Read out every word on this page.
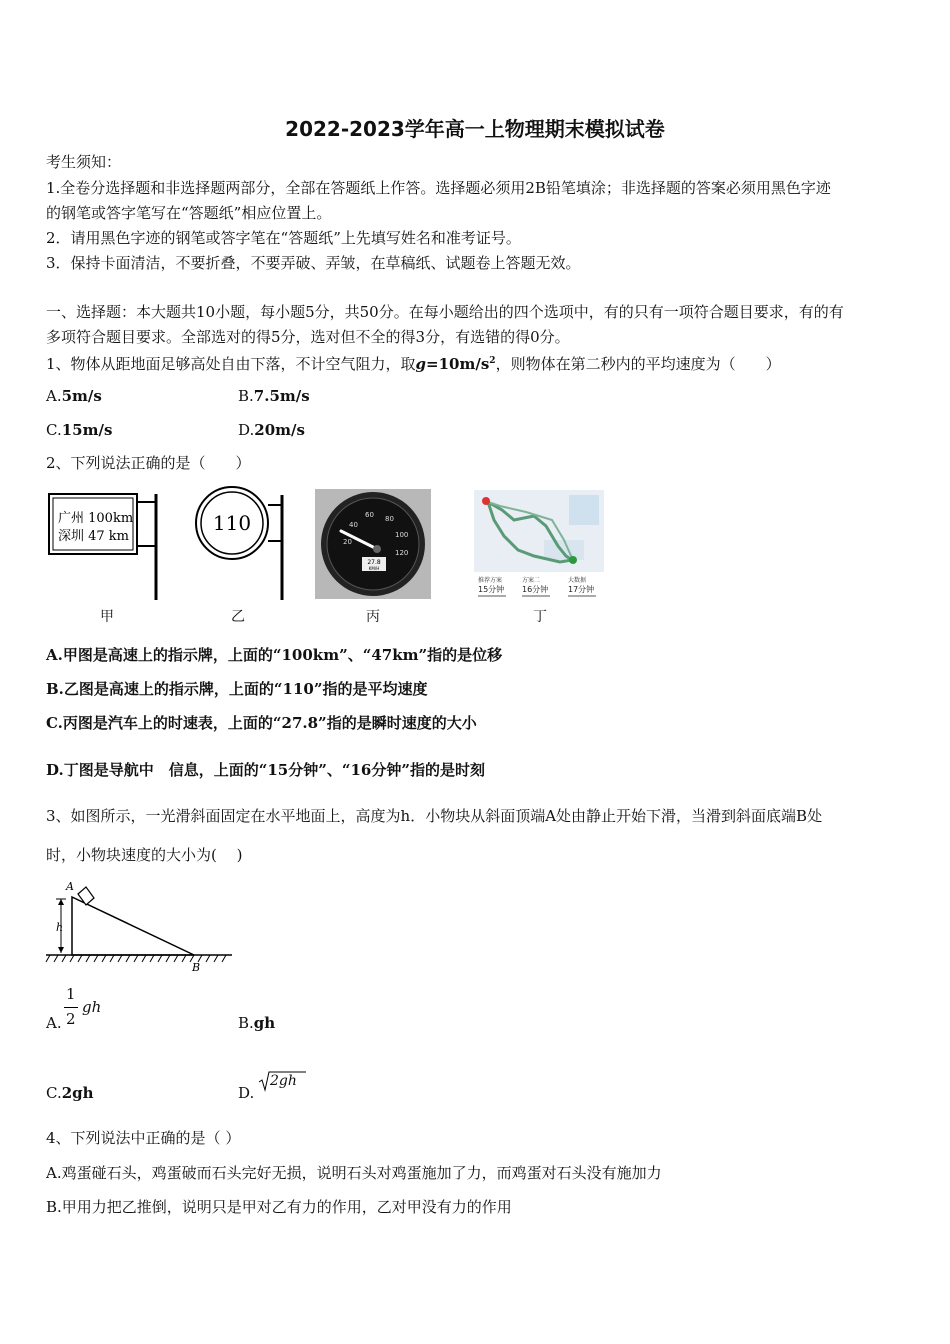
2022-2023学年高一上物理期末模拟试卷
考生须知：
1.全卷分选择题和非选择题两部分，全部在答题纸上作答。选择题必须用2B铅笔填涂；非选择题的答案必须用黑色字迹
的钢笔或答字笔写在“答题纸”相应位置上。
2．请用黑色字迹的钢笔或答字笔在“答题纸”上先填写姓名和准考证号。
3．保持卡面清洁，不要折叠，不要弄破、弄皱，在草稿纸、试题卷上答题无效。
一、选择题：本大题共10小题，每小题5分，共50分。在每小题给出的四个选项中，有的只有一项符合题目要求，有的有
多项符合题目要求。全部选对的得5分，选对但不全的得3分，有选错的得0分。
1、物体从距地面足够高处自由下落，不计空气阻力，取$g=10m/s^2$，则物体在第二秒内的平均速度为（　　）
A.5m/s	B.7.5m/s
C.15m/s	D.20m/s
2、下列说法正确的是（　　）
广州 100km
深圳 47 km
110
20
40
60 80
100
120
27.8
KM/H
推荐方案	方案二	大数据
15分钟 16分钟 17分钟
甲	乙	丙	丁
A.甲图是高速上的指示牌，上面的“100km”、“47km”指的是位移
B.乙图是高速上的指示牌，上面的“110”指的是平均速度
C.丙图是汽车上的时速表，上面的“27.8”指的是瞬时速度的大小
D.丁图是导航中　信息，上面的“15分钟”、“16分钟”指的是时刻
3、如图所示，一光滑斜面固定在水平地面上，高度为h．小物块从斜面顶端A处由静止开始下滑，当滑到斜面底端B处
时，小物块速度的大小为(　 )
A
h
B
A.
1
2
gh
B.gh
C.2gh	D.
2gh
4、下列说法中正确的是（ ）
A.鸡蛋碰石头，鸡蛋破而石头完好无损，说明石头对鸡蛋施加了力，而鸡蛋对石头没有施加力
B.甲用力把乙推倒，说明只是甲对乙有力的作用，乙对甲没有力的作用
